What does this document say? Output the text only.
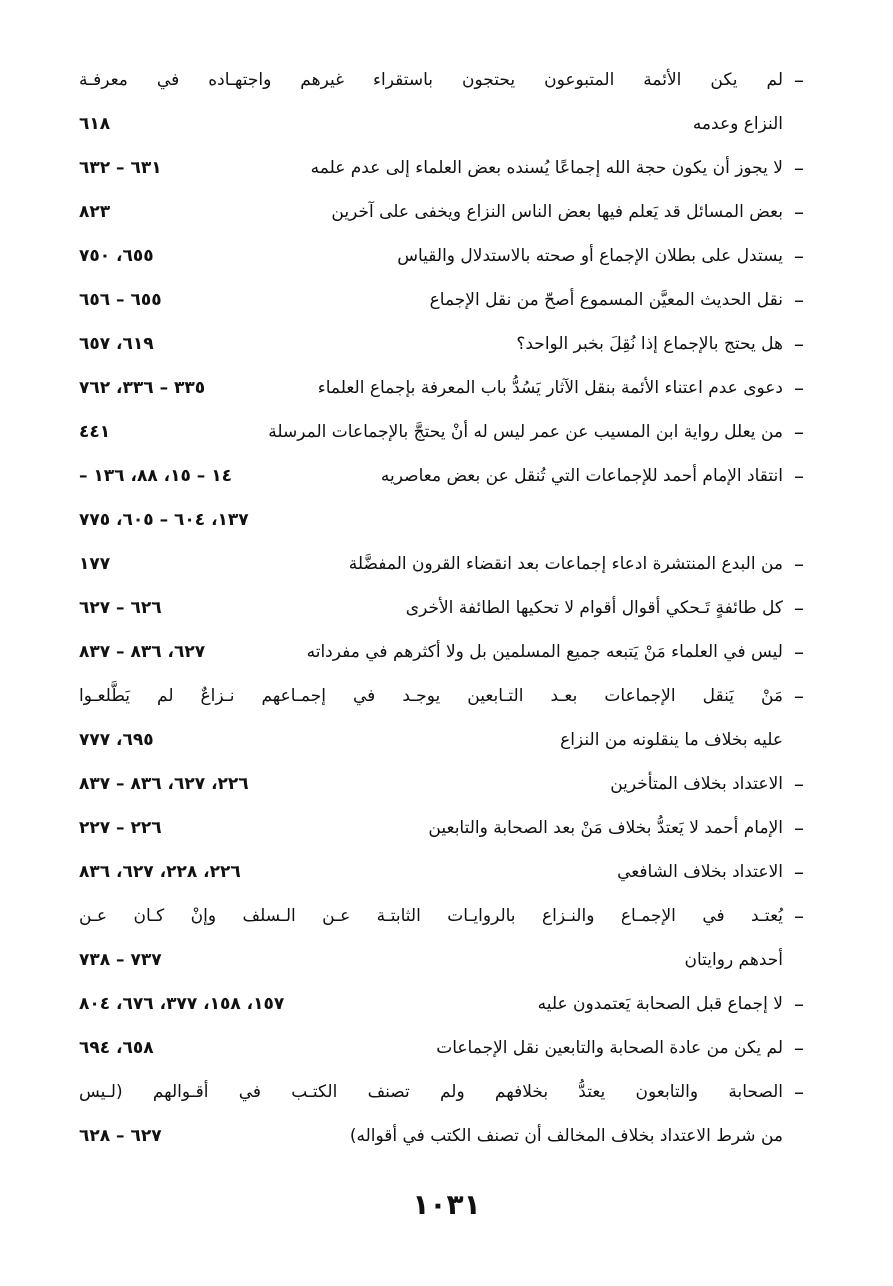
–
لم يكن الأئمة المتبوعون يحتجون باستقراء غيرهم واجتهـاده في معرفـة
النزاع وعدمه
٦١٨
–
لا يجوز أن يكون حجة الله إجماعًا يُسنده بعض العلماء إلى عدم علمه
٦٣١ – ٦٣٢
–
بعض المسائل قد يَعلم فيها بعض الناس النزاع ويخفى على آخرين
٨٢٣
–
يستدل على بطلان الإجماع أو صحته بالاستدلال والقياس
٦٥٥، ٧٥٠
–
نقل الحديث المعيَّن المسموع أصحّ من نقل الإجماع
٦٥٥ – ٦٥٦
–
هل يحتج بالإجماع إذا نُقِلَ بخبر الواحد؟
٦١٩، ٦٥٧
–
دعوى عدم اعتناء الأئمة بنقل الآثار يَسُدُّ باب المعرفة بإجماع العلماء
٣٣٥ – ٣٣٦، ٧٦٢
–
من يعلل رواية ابن المسيب عن عمر ليس له أنْ يحتجَّ بالإجماعات المرسلة
٤٤١
–
انتقاد الإمام أحمد للإجماعات التي تُنقل عن بعض معاصريه
١٤ – ١٥، ٨٨، ١٣٦ –
١٣٧، ٦٠٤ – ٦٠٥، ٧٧٥
–
من البدع المنتشرة ادعاء إجماعات بعد انقضاء القرون المفضَّلة
١٧٧
–
كل طائفةٍ تَـحكي أقوال أقوام لا تحكيها الطائفة الأخرى
٦٢٦ – ٦٢٧
–
ليس في العلماء مَنْ يَتبعه جميع المسلمين بل ولا أكثرهم في مفرداته
٦٢٧، ٨٣٦ – ٨٣٧
–
مَنْ يَنقل الإجماعات بعـد التـابعين يوجـد في إجمـاعهم نـزاعٌ لم يَطَّلعـوا
عليه بخلاف ما ينقلونه من النزاع
٦٩٥، ٧٧٧
–
الاعتداد بخلاف المتأخرين
٢٢٦، ٦٢٧، ٨٣٦ – ٨٣٧
–
الإمام أحمد لا يَعتدُّ بخلاف مَنْ بعد الصحابة والتابعين
٢٢٦ – ٢٢٧
–
الاعتداد بخلاف الشافعي
٢٢٦، ٢٢٨، ٦٢٧، ٨٣٦
–
يُعتـد في الإجمـاع والنـزاع بالروايـات الثابتـة عـن الـسلف وإنْ كـان عـن
أحدهم روايتان
٧٣٧ – ٧٣٨
–
لا إجماع قبل الصحابة يَعتمدون عليه
١٥٧، ١٥٨، ٣٧٧، ٦٧٦، ٨٠٤
–
لم يكن من عادة الصحابة والتابعين نقل الإجماعات
٦٥٨، ٦٩٤
–
الصحابة والتابعون يعتدُّ بخلافهم ولم تصنف الكتـب في أقـوالهم (لـيس
من شرط الاعتداد بخلاف المخالف أن تصنف الكتب في أقواله)
٦٢٧ – ٦٢٨
١٠٣١
